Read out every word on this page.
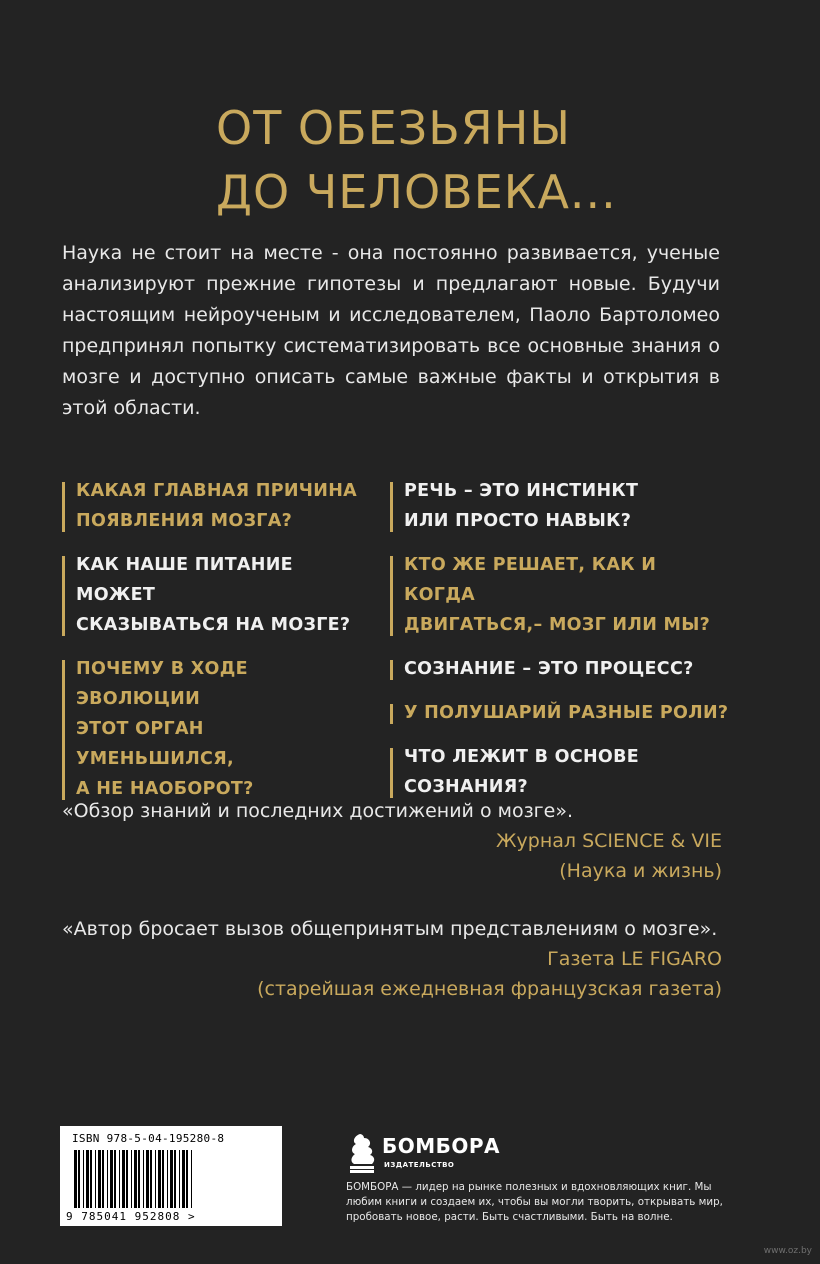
ОТ ОБЕЗЬЯНЫ
ДО ЧЕЛОВЕКА...
Наука не стоит на месте - она постоянно развивается, ученые анализируют прежние гипотезы и предлагают новые. Будучи настоящим нейроученым и исследователем, Паоло Бартоломео предпринял попытку систематизировать все основные знания о мозге и доступно описать самые важные факты и открытия в этой области.
КАКАЯ ГЛАВНАЯ ПРИЧИНА
ПОЯВЛЕНИЯ МОЗГА?
КАК НАШЕ ПИТАНИЕ МОЖЕТ
СКАЗЫВАТЬСЯ НА МОЗГЕ?
ПОЧЕМУ В ХОДЕ ЭВОЛЮЦИИ
ЭТОТ ОРГАН УМЕНЬШИЛСЯ,
А НЕ НАОБОРОТ?
РЕЧЬ – ЭТО ИНСТИНКТ
ИЛИ ПРОСТО НАВЫК?
КТО ЖЕ РЕШАЕТ, КАК И КОГДА
ДВИГАТЬСЯ,– МОЗГ ИЛИ МЫ?
СОЗНАНИЕ – ЭТО ПРОЦЕСС?
У ПОЛУШАРИЙ РАЗНЫЕ РОЛИ?
ЧТО ЛЕЖИТ В ОСНОВЕ СОЗНАНИЯ?
«Обзор знаний и последних достижений о мозге».
Журнал SCIENCE & VIE
(Наука и жизнь)
«Автор бросает вызов общепринятым представлениям о мозге».
Газета LE FIGARO
(старейшая ежедневная французская газета)
ISBN 978-5-04-195280-8
9 785041 952808 >
БОМБОРА
ИЗДАТЕЛЬСТВО
БОМБОРА — лидер на рынке полезных и вдохновляющих книг. Мы любим книги и создаем их, чтобы вы могли творить, открывать мир, пробовать новое, расти. Быть счастливыми. Быть на волне.
www.oz.by
